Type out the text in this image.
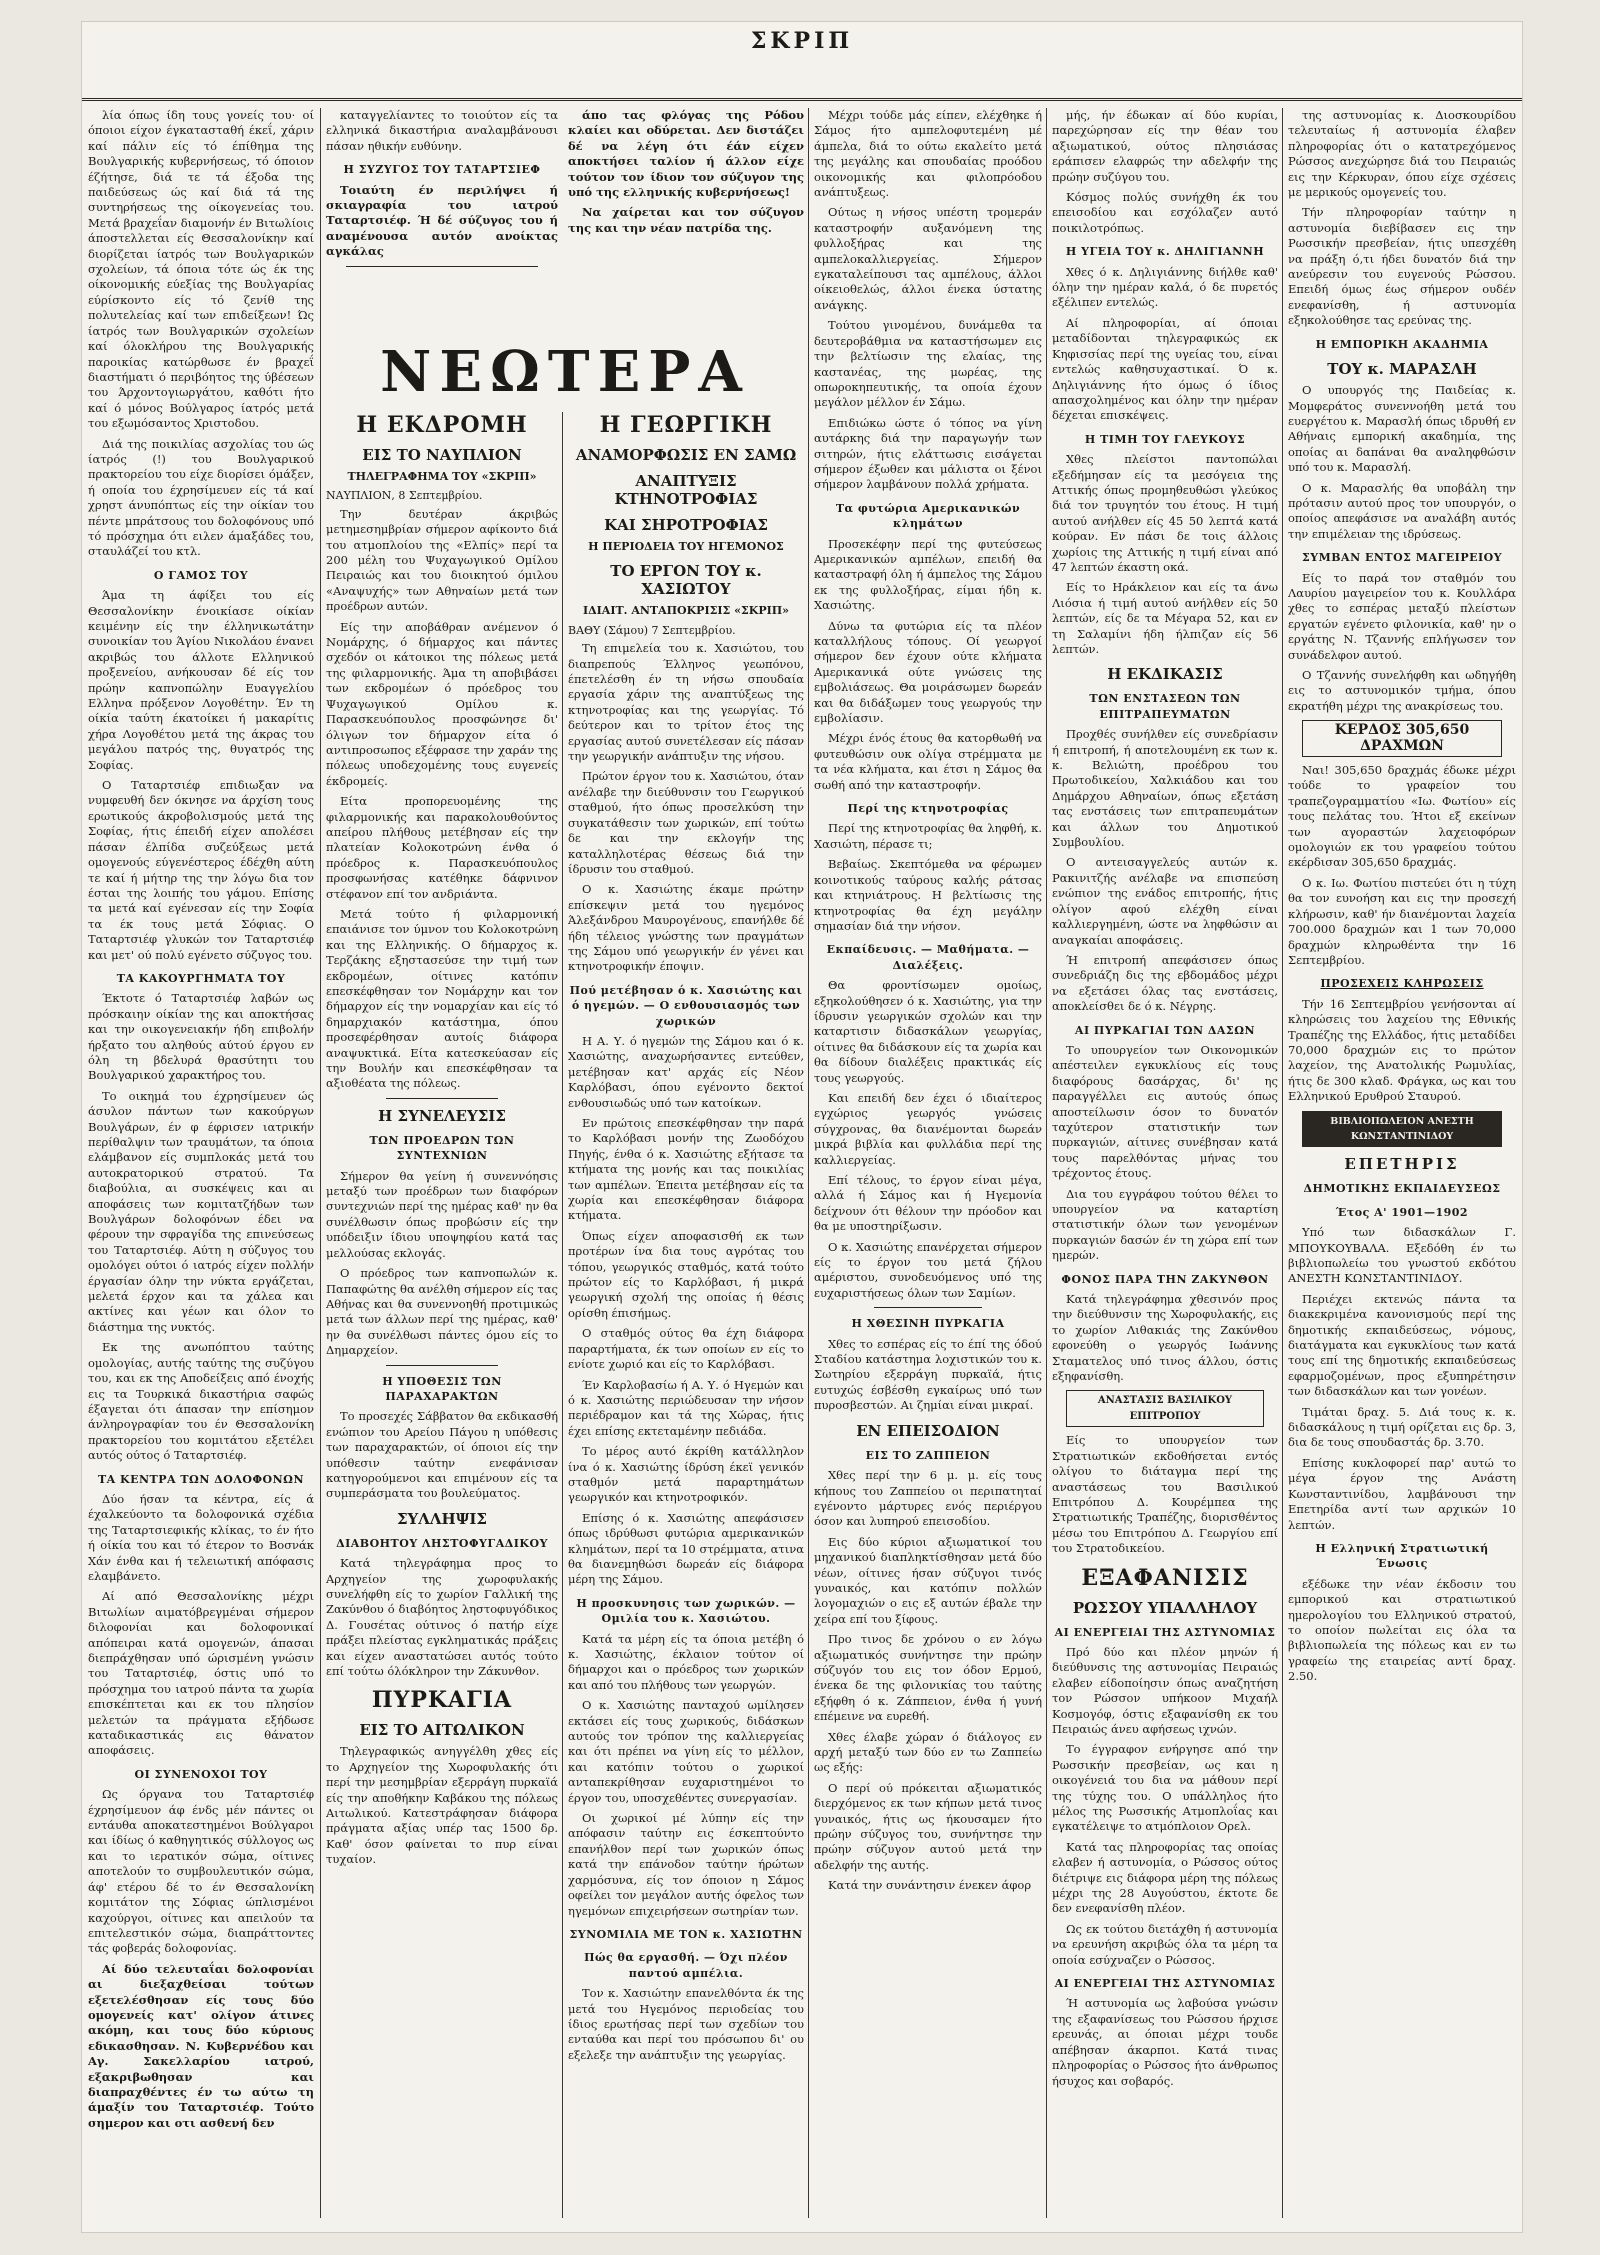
ΣΚΡΙΠ

λία όπως ίδη τους γονείς του· οί όποιοι είχον έγκατασταθή έκεΐ, χάριν καί πάλιν είς τό έπίθημα της Βουλγαρικής κυβερνήσεως, τό όποιον έζήτησε, διά τε τά έξοδα της παιδεύσεως ώς καί διά τά της συντηρήσεως της οίκογενείας του. Μετά βραχεΐαν διαμονήν έν Βιτωλίοις άποστελλεται είς Θεσσαλονίκην καί διορίζεται ίατρός των Βουλγαρικών σχολείων, τά όποια τότε ώς έκ της οίκονομικής εύεξίας της Βουλγαρίας εύρίσκοντο είς τό ζενίθ της πολυτελείας καί των επιδείξεων! Ώς ίατρός των Βουλγαρικών σχολείων καί όλοκλήρου της Βουλγαρικής παροικίας κατώρθωσε έν βραχεΐ διαστήματι ό περιβόητος της ύβέσεων του Άρχοντογιωργάτου, καθότι ήτο καί ό μόνος Βούλγαρος ίατρός μετά του εξωμόσαντος Χριστοδου.

Διά της ποικιλίας ασχολίας του ώς ίατρός (!) του Βουλγαρικού πρακτορείου του είχε διορίσει όμάξεν, ή οποία του έχρησίμευεν είς τά καί χρηστ άνυπόπτως είς την οίκίαν του πέντε μπράτσους του δολοφόνους υπό τό πρόσχημα ότι ειλεν άμαξάδες του, σταυλάζεί του κτλ.

Ο ΓΑΜΟΣ ΤΟΥ

Άμα τη άφίξει του είς Θεσσαλονίκην ένοικίασε οίκίαν κειμένην είς την έλληνικωτάτην συνοικίαν του Άγίου Νικολάου ένανει ακριβώς του άλλοτε Ελληνικού προξενείου, ανήκουσαν δέ είς τον πρώην καπνοπώλην Ευαγγελίου Ελληνα πρόξενον Λογοθέτην. Έν τη οίκία ταύτη έκατοίκει ή μακαρίτις χήρα Λογοθέτου μετά της άκρας του μεγάλου πατρός της, θυγατρός της Σοφίας.

Ο Ταταρτσιέφ επιδιωξαν να νυμφευθή δεν όκνησε να άρχίση τους ερωτικούς άκροβολισμούς μετά της Σοφίας, ήτις έπειδή είχεν απολέσει πάσαν έλπίδα συζεύξεως μετά ομογενούς εύγενέστερος έδέχθη αύτη τε καί ή μήτηρ της την λόγω δια τον έσται της λοιπής του γάμου. Επίσης τα μετά καί εγένεσαν είς την Σοφία τα έκ τους μετά Σόφιας. Ο Ταταρτσιέφ γλυκών τον Ταταρτσιέφ και μετ' ού πολύ εγένετο σύζυγος του.

ΤΑ ΚΑΚΟΥΡΓΗΜΑΤΑ ΤΟΥ

Έκτοτε ό Ταταρτσιέφ λαβών ως πρόσκαιην οίκίαν της και αποκτήσας και την οικογενειακήν ήδη επιβολήν ήρξατο του αληθούς αύτού έργου εν όλη τη βδελυρά θρασύτητι του Βουλγαρικού χαρακτήρος του.

Το οικημά του έχρησίμευεν ώς άσυλον πάντων των κακούργων Βουλγάρων, έν φ έφρισεν ιατρικήν περίθαλψιν των τραυμάτων, τα όποια ελάμβανον είς συμπλοκάς μετά του αυτοκρατορικού στρατού. Τα διαβούλια, αι συσκέψεις και αι αποφάσεις των κομιτατζήδων των Βουλγάρων δολοφόνων έδει να φέρουν την σφραγίδα της επινεύσεως του Ταταρτσιέφ. Αύτη η σύζυγος του ομολόγει ούτοι ό ιατρός είχεν πολλήν έργασίαν όλην την νύκτα εργάζεται, μελετά έρχον και τα χάλεα και ακτίνες και γέων και όλον το διάστημα της νυκτός.

Εκ της ανωπόπτου ταύτης ομολογίας, αυτής ταύτης της συζύγου του, και εκ της Αποδείξεις από ένοχής εις τα Τουρκικά δικαστήρια σαφώς έξαγεται ότι άπασαν την επίσημον άνληρογραφίαν του έν Θεσσαλονίκη πρακτορείου του κομιτάτου εξετέλει αυτός ούτος ό Ταταρτσιέφ.

ΤΑ ΚΕΝΤΡΑ ΤΩΝ ΔΟΛΟΦΟΝΩΝ

Δύο ήσαν τα κέντρα, είς ά έχαλκεύοντο τα δολοφονικά σχέδια της Ταταρτσιεφικής κλίκας, το έν ήτο ή οίκία του και τό έτερον το Βοσνάκ Χάν ένθα και ή τελειωτική απόφασις ελαμβάνετο.

Αί από Θεσσαλονίκης μέχρι Βιτωλίων αιματόβρεγμέναι σήμερον διλοφονίαι και δολοφονικαί απόπειραι κατά ομογενών, άπασαι διεπράχθησαν υπό ώρισμένη γνώσιν του Ταταρτσιέφ, όστις υπό το πρόσχημα του ιατρού πάντα τα χωρία επισκέπτεται και εκ του πλησίον μελετών τα πράγματα εξήδωσε καταδικαστικάς εις θάνατον αποφάσεις.

ΟΙ ΣΥΝΕΝΟΧΟΙ ΤΟΥ

Ως όργανα του Ταταρτσιέφ έχρησίμευον άφ ένδς μέν πάντες οι εντάυθα αποκατεστημένοι Βούλγαροι και ίδίως ό καθηγητικός σύλλογος ως και το ιερατικόν σώμα, οίτινες αποτελούν το συμβουλευτικόν σώμα, άφ' ετέρου δέ το έν Θεσσαλονίκη κομιτάτον της Σόφιας ώπλισμένοι καχούργοι, οίτινες και απειλούν τα επιτελεστικόν σώμα, διαπράττοντες τάς φοβεράς δολοφονίας.

Αί δύο τελευταΐαι δολοφονίαι αι διεξαχθείσαι τούτων εξετελέσθησαν είς τους δύο ομογενείς κατ' ολίγον άτινες ακόμη, και τους δύο κύριους εδικασθησαν. Ν. Κυβερνέδου και Αγ. Σακελλαρίου ιατρού, εξακριβωθησαν και διαπραχθέντες έν τω αύτω τη άμαξίν του Ταταρτσιέφ. Τούτο σημερον και οτι ασθενή δεν

καταγγελίαντες το τοιούτον είς τα ελληνικά δικαστήρια αναλαμβάνουσι πάσαν ηθικήν ευθύνην.

Η ΣΥΖΥΓΟΣ ΤΟΥ ΤΑΤΑΡΤΣΙΕΦ

Τοιαύτη έν περιλήψει ή σκιαγραφία του ιατρού Ταταρτσιέφ. Ή δέ σύζυγος του ή αναμένουσα αυτόν ανοίκτας αγκάλας

ΝΕΩΤΕΡΑ
Η ΕΚΔΡΟΜΗ
ΕΙΣ ΤΟ ΝΑΥΠΛΙΟΝ
ΤΗΛΕΓΡΑΦΗΜΑ ΤΟΥ «ΣΚΡΙΠ»
ΝΑΥΠΛΙΟΝ, 8 Σεπτεμβρίου.

Την δευτέραν άκριβώς μετημεσημβρίαν σήμερον αφίκοντο διά του ατμοπλοίου της «Ελπίς» περί τα 200 μέλη του Ψυχαγωγικού Ομίλου Πειραιώς και του διοικητού όμιλου «Αναψυχής» των Αθηναίων μετά των προέδρων αυτών.

Είς την αποβάθραν ανέμενον ό Νομάρχης, ό δήμαρχος και πάντες σχεδόν οι κάτοικοι της πόλεως μετά της φιλαρμονικής. Άμα τη αποβιβάσει των εκδρομέων ό πρόεδρος του Ψυχαγωγικού Ομίλου κ. Παρασκευόπουλος προσφώνησε δι' όλιγων τον δήμαρχον είτα ό αντιπροσωπος εξέφρασε την χαράν της πόλεως υποδεχομένης τους ευγενείς έκδρομείς.

Είτα προπορευομένης της φιλαρμονικής και παρακολουθούντος απείρου πλήθους μετέβησαν είς την πλατείαν Κολοκοτρώνη ένθα ό πρόεδρος κ. Παρασκευόπουλος προσφωνήσας κατέθηκε δάφνινον στέφανον επί τον ανδριάντα.

Μετά τούτο ή φιλαρμονική επαιάνισε τον ύμνον του Κολοκοτρώνη και της Ελληνικής. Ο δήμαρχος κ. Τερζάκης εξηστασεύσε την τιμή των εκδρομέων, οίτινες κατόπιν επεσκέφθησαν τον Νομάρχην και τον δήμαρχον είς την νομαρχίαν και είς τό δημαρχιακόν κατάστημα, όπου προσεφέρθησαν αυτοίς διάφορα αναψυκτικά. Είτα κατεσκεύασαν είς την Βουλήν και επεσκέφθησαν τα αξιοθέατα της πόλεως.

Η ΣΥΝΕΛΕΥΣΙΣ
ΤΩΝ ΠΡΟΕΔΡΩΝ ΤΩΝ ΣΥΝΤΕΧΝΙΩΝ

Σήμερον θα γείνη ή συνεννόησις μεταξύ των προέδρων των διαφόρων συντεχνιών περί της ημέρας καθ' ην θα συνέλθωσιν όπως προβώσιν είς την υπόδειξιν ίδιου υποψηφίου κατά τας μελλούσας εκλογάς.

Ο πρόεδρος των καπνοπωλών κ. Παπαφώτης θα ανέλθη σήμερον είς τας Αθήνας και θα συνεννοηθή προτιμικώς μετά των άλλων περί της ημέρας, καθ' ην θα συνέλθωσι πάντες όμου είς το Δημαρχείον.

Η ΥΠΟΘΕΣΙΣ ΤΩΝ ΠΑΡΑΧΑΡΑΚΤΩΝ

Το προσεχές Σάββατον θα εκδικασθή ενώπιον του Αρείου Πάγου η υπόθεσις των παραχαρακτών, οί όποιοι είς την υπόθεσιν ταύτην ενεφάνισαν κατηγορούμενοι και επιμένουν είς τα συμπεράσματα του βουλεύματος.

ΣΥΛΛΗΨΙΣ
ΔΙΑΒΟΗΤΟΥ ΛΗΣΤΟΦΥΓΑΔΙΚΟΥ

Κατά τηλεγράφημα προς το Αρχηγείον της χωροφυλακής συνελήφθη είς το χωρίον Γαλλική της Ζακύνθου ό διαβόητος ληστοφυγόδικος Δ. Γουσέτας ούτινος ό πατήρ είχε πράξει πλείστας εγκληματικάς πράξεις και είχεν αναστατώσει αυτός τούτο επί τούτω όλόκληρον την Ζάκυνθον.

ΠΥΡΚΑΓΙΑ
ΕΙΣ ΤΟ ΑΙΤΩΛΙΚΟΝ

Τηλεγραφικώς ανηγγέλθη χθες είς το Αρχηγείον της Χωροφυλακής ότι περί την μεσημβρίαν εξερράγη πυρκαϊά είς την αποθήκην Καβάκου της πόλεως Αιτωλικού. Κατεστράφησαν διάφορα πράγματα αξίας υπέρ τας 1500 δρ. Καθ' όσον φαίνεται το πυρ είναι τυχαίον.

άπο τας φλόγας της Ρόδου κλαίει και οδύρεται. Δεν διστάζει δέ να λέγη ότι έάν είχεν αποκτήσει ταλίον ή άλλον είχε τούτον τον ίδιον τον σύζυγον της υπό της ελληνικής κυβερνήσεως!

Να χαίρεται και τον σύζυγον της και την νέαν πατρίδα της.

Η ΓΕΩΡΓΙΚΗ
ΑΝΑΜΟΡΦΩΣΙΣ ΕΝ ΣΑΜΩ
ΑΝΑΠΤΥΞΙΣ ΚΤΗΝΟΤΡΟΦΙΑΣ
ΚΑΙ ΣΗΡΟΤΡΟΦΙΑΣ
Η ΠΕΡΙΟΔΕΙΑ ΤΟΥ ΗΓΕΜΟΝΟΣ
ΤΟ ΕΡΓΟΝ ΤΟΥ κ. ΧΑΣΙΩΤΟΥ
ΙΔΙΑΙΤ. ΑΝΤΑΠΟΚΡΙΣΙΣ «ΣΚΡΙΠ»
ΒΑΘΥ (Σάμου) 7 Σεπτεμβρίου.

Τη επιμελεία του κ. Χασιώτου, του διαπρεπούς Έλληνος γεωπόνου, έπετελέσθη έν τη νήσω σπουδαία εργασία χάριν της αναπτύξεως της κτηνοτροφίας και της γεωργίας. Τό δεύτερον και το τρίτον έτος της εργασίας αυτού συνετέλεσαν είς πάσαν την γεωργικήν ανάπτυξιν της νήσου.

Πρώτον έργον του κ. Χασιώτου, όταν ανέλαβε την διεύθυνσιν του Γεωργικού σταθμού, ήτο όπως προσελκύση την συγκατάθεσιν των χωρικών, επί τούτω δε και την εκλογήν της καταλληλοτέρας θέσεως διά την ίδρυσιν του σταθμού.

Ο κ. Χασιώτης έκαμε πρώτην επίσκεψιν μετά του ηγεμόνος Άλεξάνδρου Μαυρογένους, επανήλθε δέ ήδη τέλειος γνώστης των πραγμάτων της Σάμου υπό γεωργικήν έν γένει και κτηνοτροφικήν έποψιν.

Πού μετέβησαν ό κ. Χασιώτης και ό ηγεμών. — Ο ενθουσιασμός των χωρικών

Η Α. Υ. ό ηγεμών της Σάμου και ό κ. Χασιώτης, αναχωρήσαντες εντεύθεν, μετέβησαν κατ' αρχάς είς Νέον Καρλόβασι, όπου εγένοντο δεκτοί ενθουσιωδώς υπό των κατοίκων.

Εν πρώτοις επεσκέφθησαν την παρά το Καρλόβασι μονήν της Ζωοδόχου Πηγής, ένθα ό κ. Χασιώτης εξήτασε τα κτήματα της μονής και τας ποικιλίας των αμπέλων. Έπειτα μετέβησαν είς τα χωρία και επεσκέφθησαν διάφορα κτήματα.

Όπως είχεν αποφασισθή εκ των προτέρων ίνα δια τους αγρότας του τόπου, γεωργικός σταθμός, κατά τούτο πρώτον είς το Καρλόβασι, ή μικρά γεωργική σχολή της οποίας ή θέσις ορίσθη έπισήμως.

Ο σταθμός ούτος θα έχη διάφορα παραρτήματα, έκ των οποίων εν είς το ενίοτε χωριό και είς το Καρλόβασι.

Έν Καρλοβασίω ή Α. Υ. ό Ηγεμών και ό κ. Χασιώτης περιώδευσαν την νήσον περιέδραμον και τά της Χώρας, ήτις έχει επίσης εκτεταμένην πεδιάδα.

Το μέρος αυτό έκρίθη κατάλληλον ίνα ό κ. Χασιώτης ίδρύση έκεϊ γενικόν σταθμόν μετά παραρτημάτων γεωργικόν και κτηνοτροφικόν.

Επίσης ό κ. Χασιώτης απεφάσισεν όπως ιδρύθωσι φυτώρια αμερικανικών κλημάτων, περί τα 10 στρέμματα, ατινα θα διανεμηθώσι δωρεάν είς διάφορα μέρη της Σάμου.

Η προσκυνησις των χωρικών. — Ομιλία του κ. Χασιώτου.

Κατά τα μέρη είς τα όποια μετέβη ό κ. Χασιώτης, έκλαιον τούτον οί δήμαρχοι και ο πρόεδρος των χωρικών και από του πλήθους των γεωργών.

Ο κ. Χασιώτης πανταχού ωμίλησεν εκτάσει είς τους χωρικούς, διδάσκων αυτούς τον τρόπον της καλλιεργείας και ότι πρέπει να γίνη είς το μέλλον, και κατόπιν τούτου ο χωρικοί ανταπεκρίθησαν ευχαριστημένοι το έργον του, υποσχεθέντες συνεργασίαν.

Οι χωρικοί μέ λύπην είς την απόφασιν ταύτην εις έσκεπτούντο επανήλθον περί των χωρικών όπως κατά την επάνοδον ταύτην ήρώτων χαρμόσυνα, είς τον όποιον η Σάμος οφείλει τον μεγάλον αυτής όφελος των ηγεμόνων επιχειρήσεων σωτηρίαν των.

ΣΥΝΟΜΙΛΙΑ ΜΕ ΤΟΝ κ. ΧΑΣΙΩΤΗΝ
Πώς θα εργασθή. — Όχι πλέον παντού αμπέλια.

Τον κ. Χασιώτην επανελθόντα έκ της μετά του Ηγεμόνος περιοδείας του ίδιος ερωτήσας περί των σχεδίων του ενταύθα και περί του πρόσωπου δι' ου εξελεξε την ανάπτυξιν της γεωργίας.

Μέχρι τούδε μάς είπεν, ελέχθηκε ή Σάμος ήτο αμπελοφυτεμένη μέ άμπελα, διά το ούτω εκαλείτο μετά της μεγάλης και σπουδαίας προόδου οικονομικής και φιλοπρόοδου ανάπτυξεως.

Ούτως η νήσος υπέστη τρομεράν καταστροφήν αυξανόμενη της φυλλοξήρας και της αμπελοκαλλιεργείας. Σήμερον εγκαταλείπουσι τας αμπέλους, άλλοι οίκειοθελώς, άλλοι ένεκα ύστατης ανάγκης.

Τούτου γινομένου, δυνάμεθα τα δευτεροβάθμια να καταστήσωμεν εις την βελτίωσιν της ελαίας, της καστανέας, της μωρέας, της οπωροκηπευτικής, τα οποία έχουν μεγάλον μέλλον έν Σάμω.

Επιδιώκω ώστε ό τόπος να γίνη αυτάρκης διά την παραγωγήν των σιτηρών, ήτις ελάττωσις εισάγεται σήμερον έξωθεν και μάλιστα οι ξένοι σήμερον λαμβάνουν πολλά χρήματα.

Τα φυτώρια Αμερικανικών κλημάτων

Προσεκέφην περί της φυτεύσεως Αμερικανικών αμπέλων, επειδή θα καταστραφή όλη ή άμπελος της Σάμου εκ της φυλλοξήρας, είμαι ήδη κ. Χασιώτης.

Δύνω τα φυτώρια είς τα πλέον καταλλήλους τόπους. Οί γεωργοί σήμερον δεν έχουν ούτε κλήματα Αμερικανικά ούτε γνώσεις της εμβολιάσεως. Θα μοιράσωμεν δωρεάν και θα διδάξωμεν τους γεωργούς την εμβολίασιν.

Μέχρι ένός έτους θα κατορθωθή να φυτευθώσιν ουκ ολίγα στρέμματα με τα νέα κλήματα, και έτσι η Σάμος θα σωθή από την καταστροφήν.

Περί της κτηνοτροφίας

Περί της κτηνοτροφίας θα ληφθή, κ. Χασιώτη, πέρασε τι;

Βεβαίως. Σκεπτόμεθα να φέρωμεν κοινοτικούς ταύρους καλής ράτσας και κτηνιάτρους. Η βελτίωσις της κτηνοτροφίας θα έχη μεγάλην σημασίαν διά την νήσον.

Εκπαίδευσις. — Μαθήματα. — Διαλέξεις.

Θα φροντίσωμεν ομοίως, εξηκολούθησεν ό κ. Χασιώτης, για την ίδρυσιν γεωργικών σχολών και την καταρτισιν διδασκάλων γεωργίας, οίτινες θα διδάσκουν είς τα χωρία και θα δίδουν διαλέξεις πρακτικάς είς τους γεωργούς.

Και επειδή δεν έχει ό ιδιαίτερος εγχώριος γεωργός γνώσεις σύγχρονας, θα διανέμονται δωρεάν μικρά βιβλία και φυλλάδια περί της καλλιεργείας.

Επί τέλους, το έργον είναι μέγα, αλλά ή Σάμος και ή Ηγεμονία δείχνουν ότι θέλουν την πρόοδον και θα με υποστηρίξωσιν.

Ο κ. Χασιώτης επανέρχεται σήμερον είς το έργον του μετά ζήλου αμέριστου, συνοδευόμενος υπό της ευχαριστήσεως όλων των Σαμίων.

Η ΧΘΕΣΙΝΗ ΠΥΡΚΑΓΙΑ

Χθες το εσπέρας είς το έπί της όδού Σταδίου κατάστημα λοχιστικών του κ. Σωτηρίου εξερράγη πυρκαϊά, ήτις ευτυχώς έσβέσθη εγκαίρως υπό των πυροσβεστών. Αι ζημίαι είναι μικραί.

ΕΝ ΕΠΕΙΣΟΔΙΟΝ
ΕΙΣ ΤΟ ΖΑΠΠΕΙΟΝ

Χθες περί την 6 μ. μ. είς τους κήπους του Ζαππείου οι περιπατηταί εγένοντο μάρτυρες ενός περιέργου όσον και λυπηρού επεισοδίου.

Εις δύο κύριοι αξιωματικοί του μηχανικού διαπληκτίσθησαν μετά δύο νέων, οίτινες ήσαν σύζυγοι τινός γυναικός, και κατόπιν πολλών λογομαχιών ο εις εξ αυτών έβαλε την χείρα επί του ξίφους.

Προ τινος δε χρόνου ο εν λόγω αξιωματικός συνήντησε την πρώην σύζυγόν του εις τον όδον Ερμού, ένεκα δε της φιλονικίας του ταύτης εξήφθη ό κ. Ζάππειον, ένθα ή γυνή επέμεινε να ευρεθή.

Χθες έλαβε χώραν ό διάλογος εν αρχή μεταξύ των δύο εν τω Ζαππείω ως εξής:

Ο περί ού πρόκειται αξιωματικός διερχόμενος εκ των κήπων μετά τινος γυναικός, ήτις ως ήκουσαμεν ήτο πρώην σύζυγος του, συνήντησε την πρώην σύζυγον αυτού μετά την αδελφήν της αυτής.

Κατά την συνάντησιν ένεκεν άφορ

μής, ήν έδωκαν αί δύο κυρίαι, παρεχώρησαν είς την θέαν του αξιωματικού, ούτος πλησιάσας εράπισεν ελαφρώς την αδελφήν της πρώην συζύγου του.

Κόσμος πολύς συνήχθη έκ του επεισοδίου και εσχόλαζεν αυτό ποικιλοτρόπως.

Η ΥΓΕΙΑ ΤΟΥ κ. ΔΗΛΙΓΙΑΝΝΗ

Χθες ό κ. Δηλιγιάννης διήλθε καθ' όλην την ημέραν καλά, ό δε πυρετός εξέλιπεν εντελώς.

Αί πληροφορίαι, αί όποιαι μεταδίδονται τηλεγραφικώς εκ Κηφισσίας περί της υγείας του, είναι εντελώς καθησυχαστικαί. Ό κ. Δηλιγιάννης ήτο όμως ό ίδιος απασχολημένος και όλην την ημέραν δέχεται επισκέψεις.

Η ΤΙΜΗ ΤΟΥ ΓΛΕΥΚΟΥΣ

Χθες πλείστοι παντοπώλαι εξεδήμησαν είς τα μεσόγεια της Αττικής όπως προμηθευθώσι γλεύκος διά τον τρυγητόν του έτους. Η τιμή αυτού ανήλθεν είς 45 50 λεπτά κατά κούραν. Εν πάσι δε τοις άλλοις χωρίοις της Αττικής η τιμή είναι από 47 λεπτών έκαστη οκά.

Είς το Ηράκλειον και είς τα άνω Λιόσια ή τιμή αυτού ανήλθεν είς 50 λεπτών, είς δε τα Μέγαρα 52, και εν τη Σαλαμίνι ήδη ήλπιζαν είς 56 λεπτών.

Η ΕΚΔΙΚΑΣΙΣ
ΤΩΝ ΕΝΣΤΑΣΕΩΝ ΤΩΝ ΕΠΙΤΡΑΠΕΥΜΑΤΩΝ

Προχθές συνήλθεν είς συνεδρίασιν ή επιτροπή, ή αποτελουμένη εκ των κ. κ. Βελιώτη, προέδρου του Πρωτοδικείου, Χαλκιάδου και του Δημάρχου Αθηναίων, όπως εξετάση τας ενστάσεις των επιτραπευμάτων και άλλων του Δημοτικού Συμβουλίου.

Ο αντεισαγγελεύς αυτών κ. Ρακινιτζής ανέλαβε να επισπεύση ενώπιον της ενάδος επιτροπής, ήτις ολίγον αφού ελέχθη είναι καλλιεργημένη, ώστε να ληφθώσιν αι αναγκαίαι αποφάσεις.

Ή επιτροπή απεφάσισεν όπως συνεδριάζη δις της εβδομάδος μέχρι να εξετάσει όλας τας ενστάσεις, αποκλείσθει δε ό κ. Νέγρης.

ΑΙ ΠΥΡΚΑΓΙΑΙ ΤΩΝ ΔΑΣΩΝ

Το υπουργείον των Οικονομικών απέστειλεν εγκυκλίους είς τους διαφόρους δασάρχας, δι' ης παραγγέλλει εις αυτούς όπως αποστείλωσιν όσον το δυνατόν ταχύτερον στατιστικήν των πυρκαγιών, αίτινες συνέβησαν κατά τους παρελθόντας μήνας του τρέχοντος έτους.

Δια του εγγράφου τούτου θέλει το υπουργείον να καταρτίση στατιστικήν όλων των γενομένων πυρκαγιών δασών έν τη χώρα επί των ημερών.

ΦΟΝΟΣ ΠΑΡΑ ΤΗΝ ΖΑΚΥΝΘΟΝ

Κατά τηλεγράφημα χθεσινόν προς την διεύθυνσιν της Χωροφυλακής, εις το χωρίον Λιθακιάς της Ζακύνθου εφονεύθη ο γεωργός Ιωάννης Σταματελος υπό τινος άλλου, όστις εξηφανίσθη.

ΑΝΑΣΤΑΣΙΣ ΒΑΣΙΛΙΚΟΥ ΕΠΙΤΡΟΠΟΥ

Είς το υπουργείον των Στρατιωτικών εκδοθήσεται εντός ολίγου το διάταγμα περί της αναστάσεως του Βασιλικού Επιτρόπου Δ. Κουρέμπεα της Στρατιωτικής Τραπέζης, διορισθέντος μέσω του Επιτρόπου Δ. Γεωργίου επί του Στρατοδικείου.

ΕΞΑΦΑΝΙΣΙΣ
ΡΩΣΣΟΥ ΥΠΑΛΛΗΛΟΥ
ΑΙ ΕΝΕΡΓΕΙΑΙ ΤΗΣ ΑΣΤΥΝΟΜΙΑΣ

Πρό δύο και πλέον μηνών ή διεύθυνσις της αστυνομίας Πειραιώς ελαβεν είδοποίησιν όπως αναζητήση τον Ρώσσον υπήκοον Μιχαήλ Κοσμογόφ, όστις εξαφανίσθη εκ του Πειραιώς άνευ αφήσεως ιχνών.

Το έγγραφον ενήργησε από την Ρωσσικήν πρεσβείαν, ως και η οικογένειά του δια να μάθουν περί της τύχης του. Ο υπάλληλος ήτο μέλος της Ρωσσικής Ατμοπλοΐας και εγκατέλειψε το ατμόπλοιον Ορελ.

Κατά τας πληροφορίας τας οποίας ελαβεν ή αστυνομία, ο Ρώσσος ούτος διέτριψε εις διάφορα μέρη της πόλεως μέχρι της 28 Αυγούστου, έκτοτε δε δεν ενεφανίσθη πλέον.

Ως εκ τούτου διετάχθη ή αστυνομία να ερευνήση ακριβώς όλα τα μέρη τα οποία εσύχναζεν ο Ρώσσος.

ΑΙ ΕΝΕΡΓΕΙΑΙ ΤΗΣ ΑΣΤΥΝΟΜΙΑΣ

Ή αστυνομία ως λαβούσα γνώσιν της εξαφανίσεως του Ρώσσου ήρχισε ερευνάς, αι όποιαι μέχρι τουδε απέβησαν άκαρποι. Κατά τινας πληροφορίας ο Ρώσσος ήτο άνθρωπος ήσυχος και σοβαρός.

της αστυνομίας κ. Διοσκουρίδου τελευταίως ή αστυνομία έλαβεν πληροφορίας ότι ο κατατρεχόμενος Ρώσσος ανεχώρησε διά του Πειραιώς εις την Κέρκυραν, όπου είχε σχέσεις με μερικούς ομογενείς του.

Τήν πληροφορίαν ταύτην η αστυνομία διεβίβασεν εις την Ρωσσικήν πρεσβείαν, ήτις υπεσχέθη να πράξη ό,τι ήδει δυνατόν διά την ανεύρεσιν του ευγενούς Ρώσσου. Επειδή όμως έως σήμερον ουδέν ενεφανίσθη, ή αστυνομία εξηκολούθησε τας ερεύνας της.

Η ΕΜΠΟΡΙΚΗ ΑΚΑΔΗΜΙΑ
ΤΟΥ κ. ΜΑΡΑΣΛΗ

Ο υπουργός της Παιδείας κ. Μομφεράτος συνεννοήθη μετά του ευεργέτου κ. Μαρασλή όπως ιδρυθή εν Αθήναις εμπορική ακαδημία, της οποίας αι δαπάναι θα αναληφθώσιν υπό του κ. Μαρασλή.

Ο κ. Μαρασλής θα υποβάλη την πρότασιν αυτού προς τον υπουργόν, ο οποίος απεφάσισε να αναλάβη αυτός την επιμέλειαν της ιδρύσεως.

ΣΥΜΒΑΝ ΕΝΤΟΣ ΜΑΓΕΙΡΕΙΟΥ

Είς το παρά τον σταθμόν του Λαυρίου μαγειρείον του κ. Κουλλάρα χθες το εσπέρας μεταξύ πλείστων εργατών εγένετο φιλονικία, καθ' ην ο εργάτης Ν. Τζαννής επλήγωσεν τον συνάδελφον αυτού.

Ο Τζαννής συνελήφθη και ωδηγήθη εις το αστυνομικόν τμήμα, όπου εκρατήθη μέχρι της ανακρίσεως του.

ΚΕΡΔΟΣ 305,650 ΔΡΑΧΜΩΝ

Ναι! 305,650 δραχμάς έδωκε μέχρι τούδε το γραφείον του τραπεζογραμματίου «Ιω. Φωτίου» είς τους πελάτας του. Ήτοι εξ εκείνων των αγοραστών λαχειοφόρων ομολογιών εκ του γραφείου τούτου εκέρδισαν 305,650 δραχμάς.

Ο κ. Ιω. Φωτίου πιστεύει ότι η τύχη θα τον ευνοήση και εις την προσεχή κλήρωσιν, καθ' ήν διανέμονται λαχεία 700.000 δραχμών και 1 των 70,000 δραχμών κληρωθέντα την 16 Σεπτεμβρίου.

ΠΡΟΣΕΧΕΙΣ ΚΛΗΡΩΣΕΙΣ

Τήν 16 Σεπτεμβρίου γενήσονται αί κληρώσεις του λαχείου της Εθνικής Τραπέζης της Ελλάδος, ήτις μεταδίδει 70,000 δραχμών εις το πρώτον λαχείον, της Ανατολικής Ρωμυλίας, ήτις δε 300 κλαδ. Φράγκα, ως και του Ελληνικού Ερυθρού Σταυρού.

ΒΙΒΛΙΟΠΩΛΕΙΟΝ ΑΝΕΣΤΗ ΚΩΝΣΤΑΝΤΙΝΙΔΟΥ
ΕΠΕΤΗΡΙΣ
ΔΗΜΟΤΙΚΗΣ ΕΚΠΑΙΔΕΥΣΕΩΣ
Έτος Α' 1901—1902

Υπό των διδασκάλων Γ. ΜΠΟΥΚΟΥΒΑΛΑ. Εξεδόθη έν τω βιβλιοπωλείω του γνωστού εκδότου ΑΝΕΣΤΗ ΚΩΝΣΤΑΝΤΙΝΙΔΟΥ.

Περιέχει εκτενώς πάντα τα διακεκριμένα κανονισμούς περί της δημοτικής εκπαιδεύσεως, νόμους, διατάγματα και εγκυκλίους των κατά τους επί της δημοτικής εκπαιδεύσεως εφαρμοζομένων, προς εξυπηρέτησιν των διδασκάλων και των γονέων.

Τιμάται δραχ. 5. Διά τους κ. κ. διδασκάλους η τιμή ορίζεται εις δρ. 3, δια δε τους σπουδαστάς δρ. 3.70.

Επίσης κυκλοφορεί παρ' αυτώ το μέγα έργον της Ανάστη Κωνσταντινίδου, λαμβάνουσι την Επετηρίδα αντί των αρχικών 10 λεπτών.

Η Ελληνική Στρατιωτική Ένωσις

εξέδωκε την νέαν έκδοσιν του εμπορικού και στρατιωτικού ημερολογίου του Ελληνικού στρατού, το οποίον πωλείται εις όλα τα βιβλιοπωλεία της πόλεως και εν τω γραφείω της εταιρείας αντί δραχ. 2.50.
